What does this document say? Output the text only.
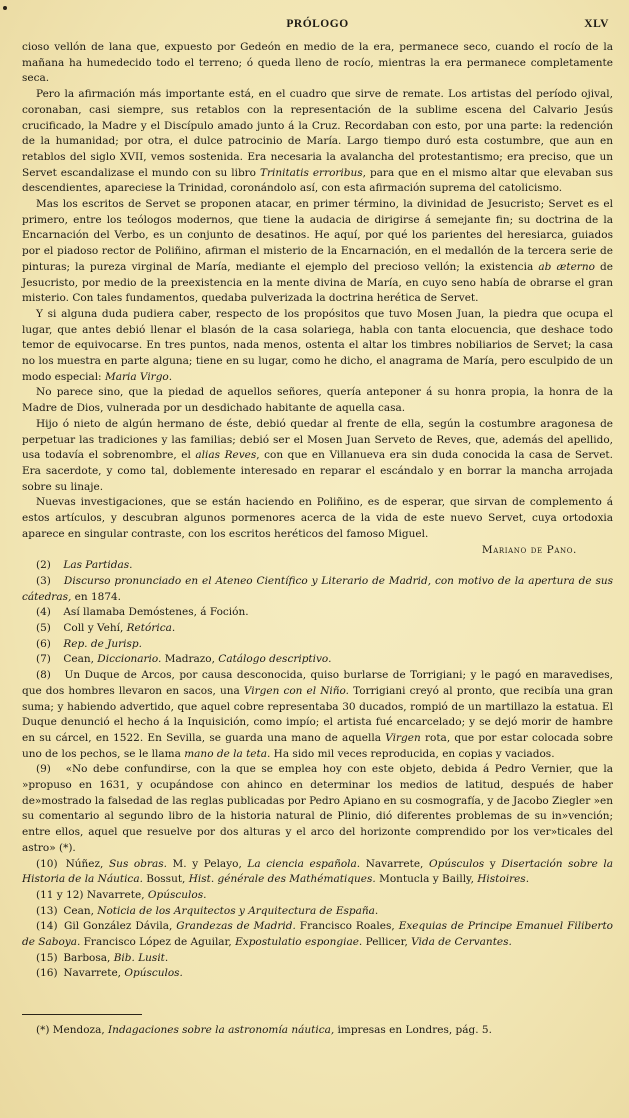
PRÓLOGO	XLV

cioso vellón de lana que, expuesto por Gedeón en medio de la era, permanece seco, cuando el rocío de la mañana ha humedecido todo el terreno; ó queda lleno de rocío, mientras la era permanece completamente seca.

Pero la afirmación más importante está, en el cuadro que sirve de remate. Los artistas del período ojival, coronaban, casi siempre, sus retablos con la representación de la sublime escena del Calvario Jesús crucificado, la Madre y el Discípulo amado junto á la Cruz. Recordaban con esto, por una parte: la redención de la humanidad; por otra, el dulce patrocinio de María. Largo tiempo duró esta costumbre, que aun en retablos del siglo XVII, vemos sostenida. Era necesaria la avalancha del protestantismo; era preciso, que un Servet escandalizase el mundo con su libro Trinitatis erroribus, para que en el mismo altar que elevaban sus descendientes, apareciese la Trinidad, coronándolo así, con esta afirmación suprema del catolicismo.

Mas los escritos de Servet se proponen atacar, en primer término, la divinidad de Jesucristo; Servet es el primero, entre los teólogos modernos, que tiene la audacia de dirigirse á semejante fin; su doctrina de la Encarnación del Verbo, es un conjunto de desatinos. He aquí, por qué los parientes del heresiarca, guiados por el piadoso rector de Poliñino, afirman el misterio de la Encarnación, en el medallón de la tercera serie de pinturas; la pureza virginal de María, mediante el ejemplo del precioso vellón; la existencia ab æterno de Jesucristo, por medio de la preexistencia en la mente divina de María, en cuyo seno había de obrarse el gran misterio. Con tales fundamentos, quedaba pulverizada la doctrina herética de Servet.

Y si alguna duda pudiera caber, respecto de los propósitos que tuvo Mosen Juan, la piedra que ocupa el lugar, que antes debió llenar el blasón de la casa solariega, habla con tanta elocuencia, que deshace todo temor de equivocarse. En tres puntos, nada menos, ostenta el altar los timbres nobiliarios de Servet; la casa no los muestra en parte alguna; tiene en su lugar, como he dicho, el anagrama de María, pero esculpido de un modo especial: Maria Virgo.

No parece sino, que la piedad de aquellos señores, quería anteponer á su honra propia, la honra de la Madre de Dios, vulnerada por un desdichado habitante de aquella casa.

Hijo ó nieto de algún hermano de éste, debió quedar al frente de ella, según la costumbre aragonesa de perpetuar las tradiciones y las familias; debió ser el Mosen Juan Serveto de Reves, que, además del apellido, usa todavía el sobrenombre, el alias Reves, con que en Villanueva era sin duda conocida la casa de Servet. Era sacerdote, y como tal, doblemente interesado en reparar el escándalo y en borrar la mancha arrojada sobre su linaje.

Nuevas investigaciones, que se están haciendo en Poliñino, es de esperar, que sirvan de complemento á estos artículos, y descubran algunos pormenores acerca de la vida de este nuevo Servet, cuya ortodoxia aparece en singular contraste, con los escritos heréticos del famoso Miguel.

Mariano de Pano.

(2) Las Partidas.

(3) Discurso pronunciado en el Ateneo Científico y Literario de Madrid, con motivo de la apertura de sus cátedras, en 1874.

(4) Así llamaba Demóstenes, á Foción.

(5) Coll y Vehí, Retórica.

(6) Rep. de Jurisp.

(7) Cean, Diccionario. Madrazo, Catálogo descriptivo.

(8) Un Duque de Arcos, por causa desconocida, quiso burlarse de Torrigiani; y le pagó en maravedises, que dos hombres llevaron en sacos, una Virgen con el Niño. Torrigiani creyó al pronto, que recibía una gran suma; y habiendo advertido, que aquel cobre representaba 30 ducados, rompió de un martillazo la estatua. El Duque denunció el hecho á la Inquisición, como impío; el artista fué encarcelado; y se dejó morir de hambre en su cárcel, en 1522. En Sevilla, se guarda una mano de aquella Virgen rota, que por estar colocada sobre uno de los pechos, se le llama mano de la teta. Ha sido mil veces reproducida, en copias y vaciados.

(9) «No debe confundirse, con la que se emplea hoy con este objeto, debida á Pedro Vernier, que la »propuso en 1631, y ocupándose con ahinco en determinar los medios de latitud, después de haber de»mostrado la falsedad de las reglas publicadas por Pedro Apiano en su cosmografía, y de Jacobo Ziegler »en su comentario al segundo libro de la historia natural de Plinio, dió diferentes problemas de su in»vención; entre ellos, aquel que resuelve por dos alturas y el arco del horizonte comprendido por los ver»ticales del astro» (*).

(10) Núñez, Sus obras. M. y Pelayo, La ciencia española. Navarrete, Opúsculos y Disertación sobre la Historia de la Náutica. Bossut, Hist. générale des Mathématiques. Montucla y Bailly, Histoires.

(11 y 12) Navarrete, Opúsculos.

(13) Cean, Noticia de los Arquitectos y Arquitectura de España.

(14) Gil González Dávila, Grandezas de Madrid. Francisco Roales, Exequias de Principe Emanuel Filiberto de Saboya. Francisco López de Aguilar, Expostulatio espongiae. Pellicer, Vida de Cervantes.

(15) Barbosa, Bib. Lusit.

(16) Navarrete, Opúsculos.

(*) Mendoza, Indagaciones sobre la astronomía náutica, impresas en Londres, pág. 5.
